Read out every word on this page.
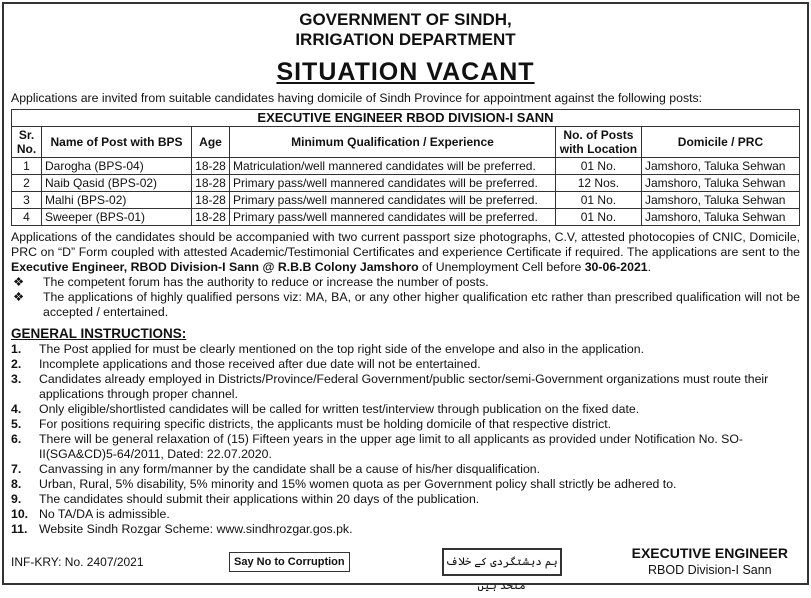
GOVERNMENT OF SINDH,
IRRIGATION DEPARTMENT
SITUATION VACANT
Applications are invited from suitable candidates having domicile of Sindh Province for appointment against the following posts:
EXECUTIVE ENGINEER RBOD DIVISION-I SANN					
Sr. No.	Name of Post with BPS	Age	Minimum Qualification / Experience	No. of Posts with Location	Domicile / PRC
1	Darogha (BPS-04)	18-28	Matriculation/well mannered candidates will be preferred.	01 No.	Jamshoro, Taluka Sehwan
2	Naib Qasid (BPS-02)	18-28	Primary pass/well mannered candidates will be preferred.	12 Nos.	Jamshoro, Taluka Sehwan
3	Malhi (BPS-02)	18-28	Primary pass/well mannered candidates will be preferred.	01 No.	Jamshoro, Taluka Sehwan
4	Sweeper (BPS-01)	18-28	Primary pass/well mannered candidates will be preferred.	01 No.	Jamshoro, Taluka Sehwan
Applications of the candidates should be accompanied with two current passport size photographs, C.V, attested photocopies of CNIC, Domicile, PRC on “D” Form coupled with attested Academic/Testimonial Certificates and experience Certificate if required. The applications are sent to the Executive Engineer, RBOD Division-I Sann @ R.B.B Colony Jamshoro of Unemployment Cell before 30-06-2021.
❖	The competent forum has the authority to reduce or increase the number of posts.
❖	The applications of highly qualified persons viz: MA, BA, or any other higher qualification etc rather than prescribed qualification will not be accepted / entertained.
GENERAL INSTRUCTIONS:
1.	The Post applied for must be clearly mentioned on the top right side of the envelope and also in the application.
2.	Incomplete applications and those received after due date will not be entertained.
3.	Candidates already employed in Districts/Province/Federal Government/public sector/semi-Government organizations must route their applications through proper channel.
4.	Only eligible/shortlisted candidates will be called for written test/interview through publication on the fixed date.
5.	For positions requiring specific districts, the applicants must be holding domicile of that respective district.
6.	There will be general relaxation of (15) Fifteen years in the upper age limit to all applicants as provided under Notification No. SO-II(SGA&CD)5-64/2011, Dated: 22.07.2020.
7.	Canvassing in any form/manner by the candidate shall be a cause of his/her disqualification.
8.	Urban, Rural, 5% disability, 5% minority and 15% women quota as per Government policy shall strictly be adhered to.
9.	The candidates should submit their applications within 20 days of the publication.
10. No TA/DA is admissible.
11. Website Sindh Rozgar Scheme: www.sindhrozgar.gos.pk.
INF-KRY: No. 2407/2021	Say No to Corruption	ہم دہشتگردی کے خلاف متحد ہیں
EXECUTIVE ENGINEER
RBOD Division-I Sann
